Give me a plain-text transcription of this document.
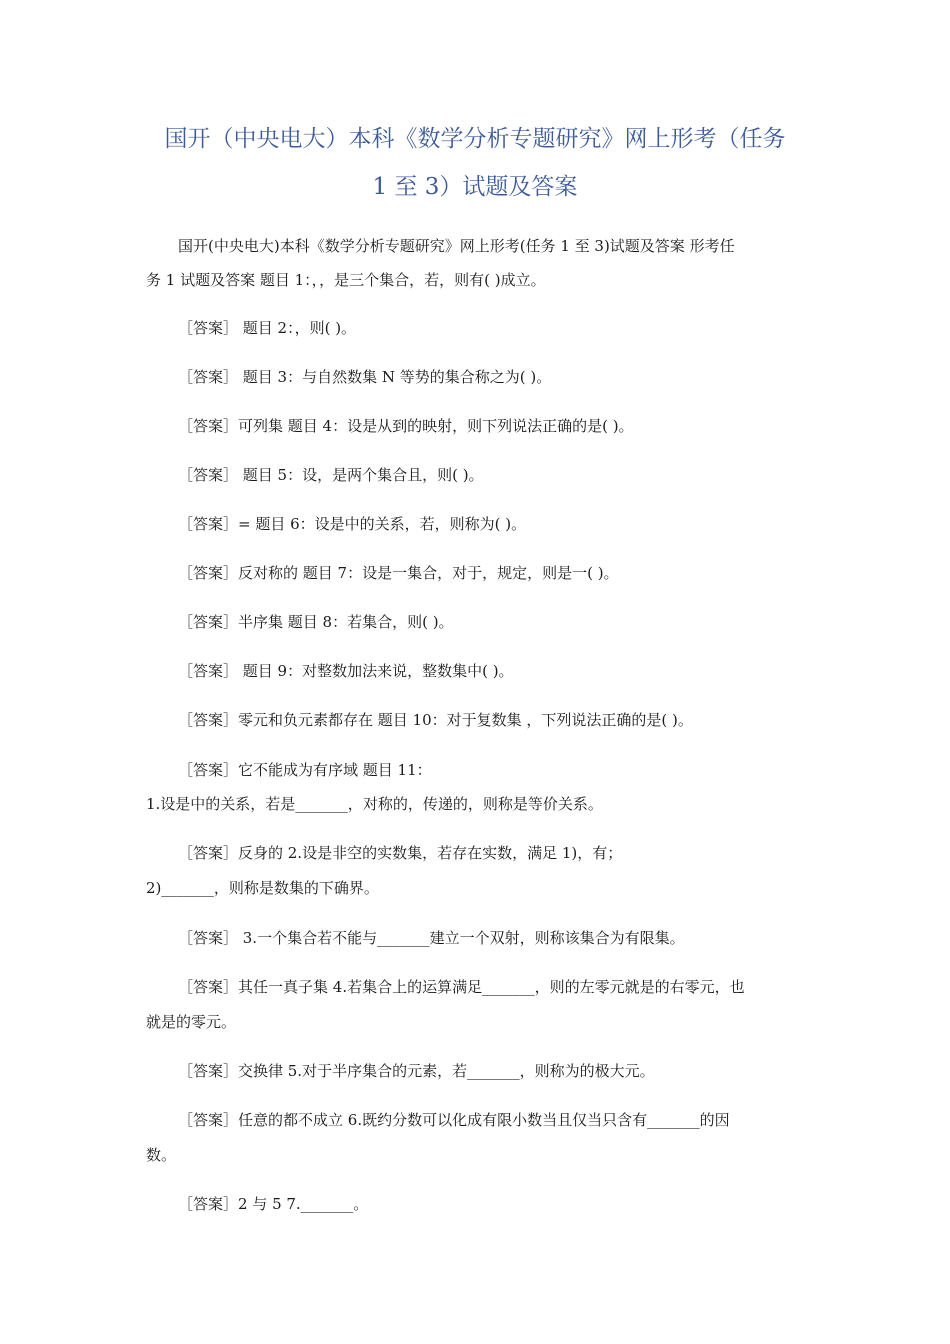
国开（中央电大）本科《数学分析专题研究》网上形考（任务
1 至 3）试题及答案
国开(中央电大)本科《数学分析专题研究》网上形考(任务 1 至 3)试题及答案 形考任
务 1 试题及答案 题目 1：，，是三个集合，若，则有( )成立。
［答案］ 题目 2：，则( )。
［答案］ 题目 3：与自然数集 N 等势的集合称之为( )。
［答案］可列集 题目 4：设是从到的映射，则下列说法正确的是( )。
［答案］ 题目 5：设，是两个集合且，则( )。
［答案］= 题目 6：设是中的关系，若，则称为( )。
［答案］反对称的 题目 7：设是一集合，对于，规定，则是一( )。
［答案］半序集 题目 8：若集合，则( )。
［答案］ 题目 9：对整数加法来说，整数集中( )。
［答案］零元和负元素都存在 题目 10：对于复数集 ，下列说法正确的是( )。
［答案］它不能成为有序域 题目 11：
1.设是中的关系，若是_______，对称的，传递的，则称是等价关系。
［答案］反身的 2.设是非空的实数集，若存在实数，满足 1)，有；
2)_______，则称是数集的下确界。
［答案］ 3.一个集合若不能与_______建立一个双射，则称该集合为有限集。
［答案］其任一真子集 4.若集合上的运算满足_______，则的左零元就是的右零元，也
就是的零元。
［答案］交换律 5.对于半序集合的元素，若_______，则称为的极大元。
［答案］任意的都不成立 6.既约分数可以化成有限小数当且仅当只含有_______的因
数。
［答案］2 与 5 7._______。
